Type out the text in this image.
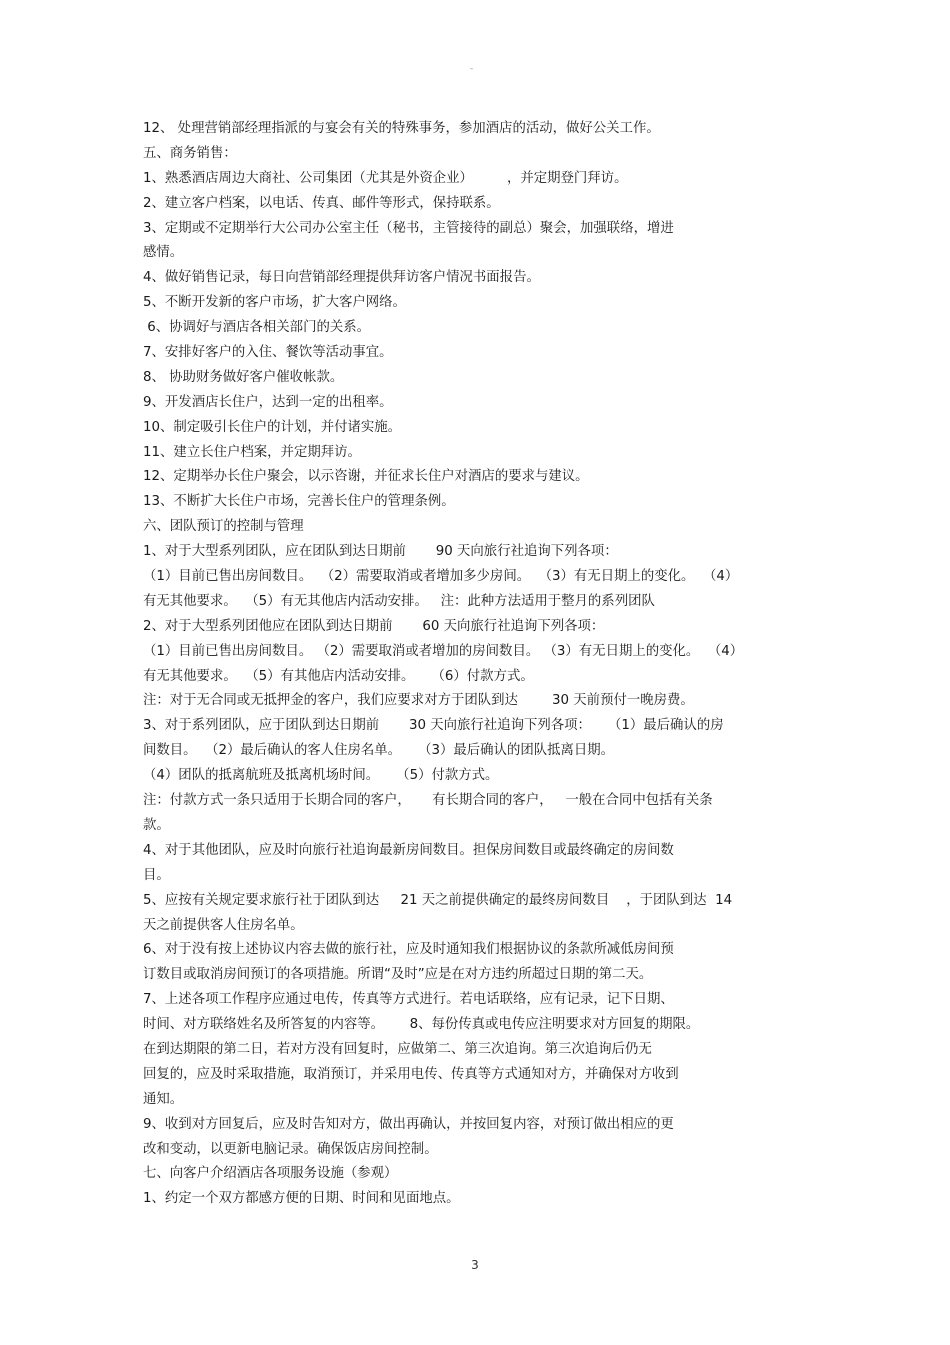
-
12、 处理营销部经理指派的与宴会有关的特殊事务，参加酒店的活动，做好公关工作。
五、商务销售：
1、熟悉酒店周边大商社、公司集团（尤其是外资企业）        ，并定期登门拜访。
2、建立客户档案，以电话、传真、邮件等形式，保持联系。
3、定期或不定期举行大公司办公室主任（秘书，主管接待的副总）聚会，加强联络，增进
感情。
4、做好销售记录，每日向营销部经理提供拜访客户情况书面报告。
5、不断开发新的客户市场，扩大客户网络。
6、协调好与酒店各相关部门的关系。
7、安排好客户的入住、餐饮等活动事宜。
8、 协助财务做好客户催收帐款。
9、开发酒店长住户，达到一定的出租率。
10、制定吸引长住户的计划，并付诸实施。
11、建立长住户档案，并定期拜访。
12、定期举办长住户聚会，以示咨谢，并征求长住户对酒店的要求与建议。
13、不断扩大长住户市场，完善长住户的管理条例。
六、团队预订的控制与管理
1、对于大型系列团队，应在团队到达日期前       90 天向旅行社追询下列各项：
（1）目前已售出房间数目。  （2）需要取消或者增加多少房间。  （3）有无日期上的变化。  （4）
有无其他要求。  （5）有无其他店内活动安排。   注：此种方法适用于整月的系列团队
2、对于大型系列团他应在团队到达日期前       60 天向旅行社追询下列各项：
（1）目前已售出房间数目。 （2）需要取消或者增加的房间数目。 （3）有无日期上的变化。  （4）
有无其他要求。  （5）有其他店内活动安排。    （6）付款方式。
注：对于无合同或无抵押金的客户，我们应要求对方于团队到达        30 天前预付一晚房费。
3、对于系列团队，应于团队到达日期前       30 天向旅行社追询下列各项：    （1）最后确认的房
间数目。  （2）最后确认的客人住房名单。    （3）最后确认的团队抵离日期。
（4）团队的抵离航班及抵离机场时间。    （5）付款方式。
注：付款方式一条只适用于长期合同的客户，     有长期合同的客户，   一般在合同中包括有关条
款。
4、对于其他团队，应及时向旅行社追询最新房间数目。担保房间数目或最终确定的房间数
目。
5、应按有关规定要求旅行社于团队到达     21 天之前提供确定的最终房间数目    ，于团队到达  14
天之前提供客人住房名单。
6、对于没有按上述协议内容去做的旅行社，应及时通知我们根据协议的条款所减低房间预
订数目或取消房间预订的各项措施。所谓“及时”应是在对方违约所超过日期的第二天。
7、上述各项工作程序应通过电传，传真等方式进行。若电话联络，应有记录，记下日期、
时间、对方联络姓名及所答复的内容等。      8、每份传真或电传应注明要求对方回复的期限。
在到达期限的第二日，若对方没有回复时，应做第二、第三次追询。第三次追询后仍无
回复的，应及时采取措施，取消预订，并采用电传、传真等方式通知对方，并确保对方收到
通知。
9、收到对方回复后，应及时告知对方，做出再确认，并按回复内容，对预订做出相应的更
改和变动，以更新电脑记录。确保饭店房间控制。
七、向客户介绍酒店各项服务设施（参观）
1、约定一个双方都感方便的日期、时间和见面地点。
3
